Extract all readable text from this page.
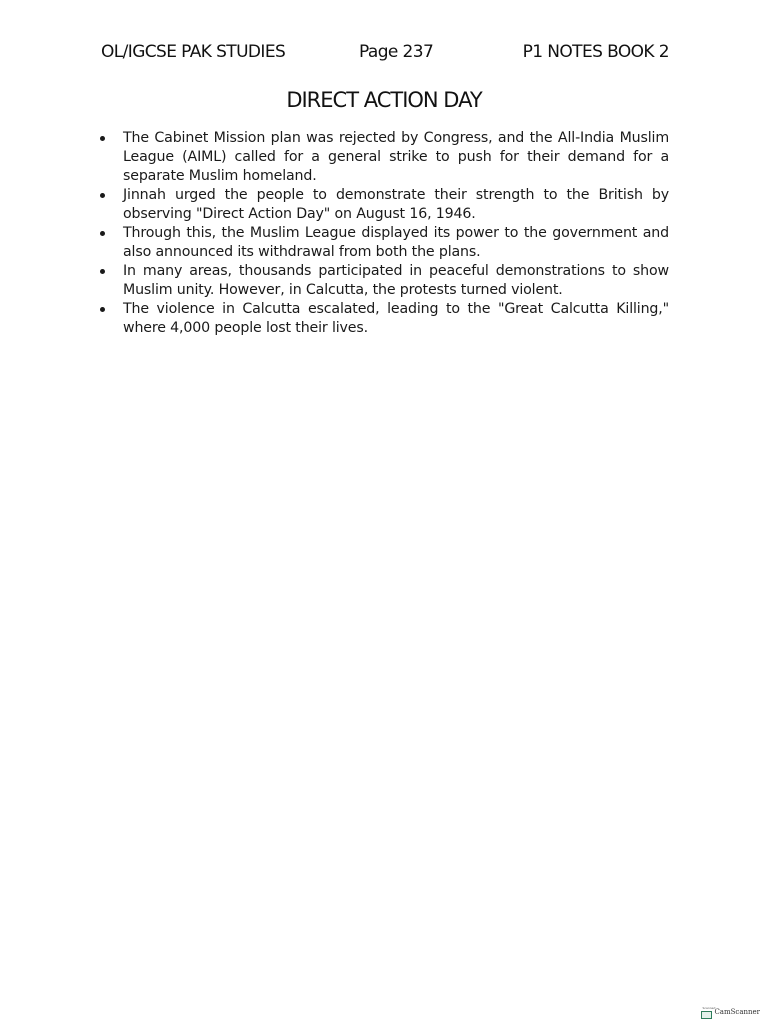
OL/IGCSE PAK STUDIES	Page 237	P1 NOTES BOOK 2
DIRECT ACTION DAY
The Cabinet Mission plan was rejected by Congress, and the All-India Muslim League (AIML) called for a general strike to push for their demand for a separate Muslim homeland.
Jinnah urged the people to demonstrate their strength to the British by observing "Direct Action Day" on August 16, 1946.
Through this, the Muslim League displayed its power to the government and also announced its withdrawal from both the plans.
In many areas, thousands participated in peaceful demonstrations to show Muslim unity. However, in Calcutta, the protests turned violent.
The violence in Calcutta escalated, leading to the "Great Calcutta Killing," where 4,000 people lost their lives.
Scanned CamScanner
